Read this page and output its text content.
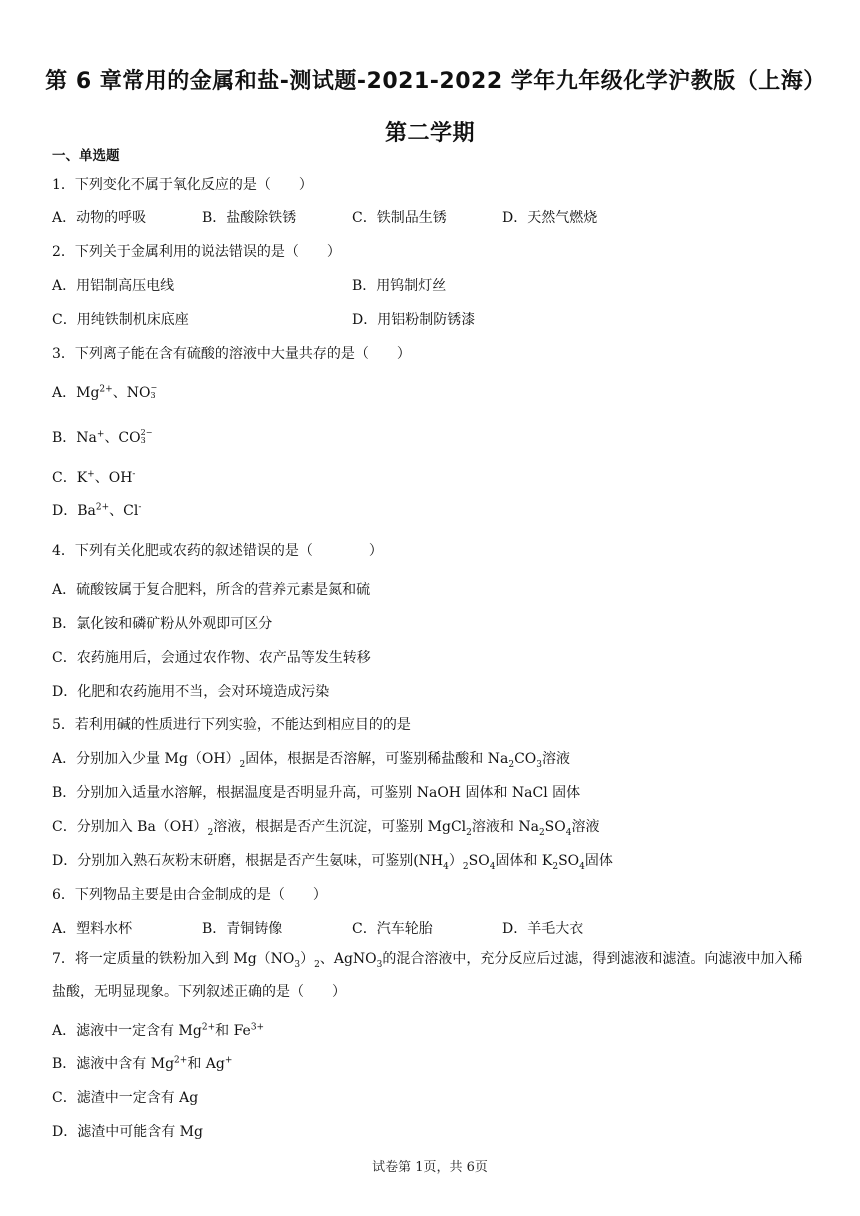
第 6 章常用的金属和盐-测试题-2021-2022 学年九年级化学沪教版（上海）第二学期
一、单选题
1．下列变化不属于氧化反应的是（　　）
A．动物的呼吸	B．盐酸除铁锈	C．铁制品生锈	D．天然气燃烧
2．下列关于金属利用的说法错误的是（　　）
A．用铝制高压电线	B．用钨制灯丝
C．用纯铁制机床底座	D．用铝粉制防锈漆
3．下列离子能在含有硫酸的溶液中大量共存的是（　　）
A．$Mg^{2+}$、NO −
3
B．Na+、CO 2−
3
C．K+、OH-
D．$Ba^{2+}$、Cl-
4．下列有关化肥或农药的叙述错误的是（　　　　）
A．硫酸铵属于复合肥料，所含的营养元素是氮和硫
B．氯化铵和磷矿粉从外观即可区分
C．农药施用后，会通过农作物、农产品等发生转移
D．化肥和农药施用不当，会对环境造成污染
5．若利用碱的性质进行下列实验，不能达到相应目的的是
A．分别加入少量 $Mg(OH)_2$固体，根据是否溶解，可鉴别稀盐酸和 $Na_2CO_3$溶液
B．分别加入适量水溶解，根据温度是否明显升高，可鉴别 NaOH 固体和 NaCl 固体
C．分别加入 $Ba(OH)_2$溶液，根据是否产生沉淀，可鉴别 MgCl$_2$溶液和 $Na_2SO_4$溶液
D．分别加入熟石灰粉末研磨，根据是否产生氨味，可鉴别$(NH_4)_2SO_4$固体和 $K_2SO_4$固体
6．下列物品主要是由合金制成的是（　　）
A．塑料水杯	B．青铜铸像	C．汽车轮胎	D．羊毛大衣
7．将一定质量的铁粉加入到 $Mg(NO_3)_2$、AgNO$_3$的混合溶液中，充分反应后过滤，得到滤液和滤渣。向滤液中加入稀盐酸，无明显现象。下列叙述正确的是（　　）
A．滤液中一定含有 $Mg^{2+}$和 $Fe^{3+}$
B．滤液中含有 $Mg^{2+}$和 Ag+
C．滤渣中一定含有 Ag
D．滤渣中可能含有 Mg
试卷第 1页，共 6页
